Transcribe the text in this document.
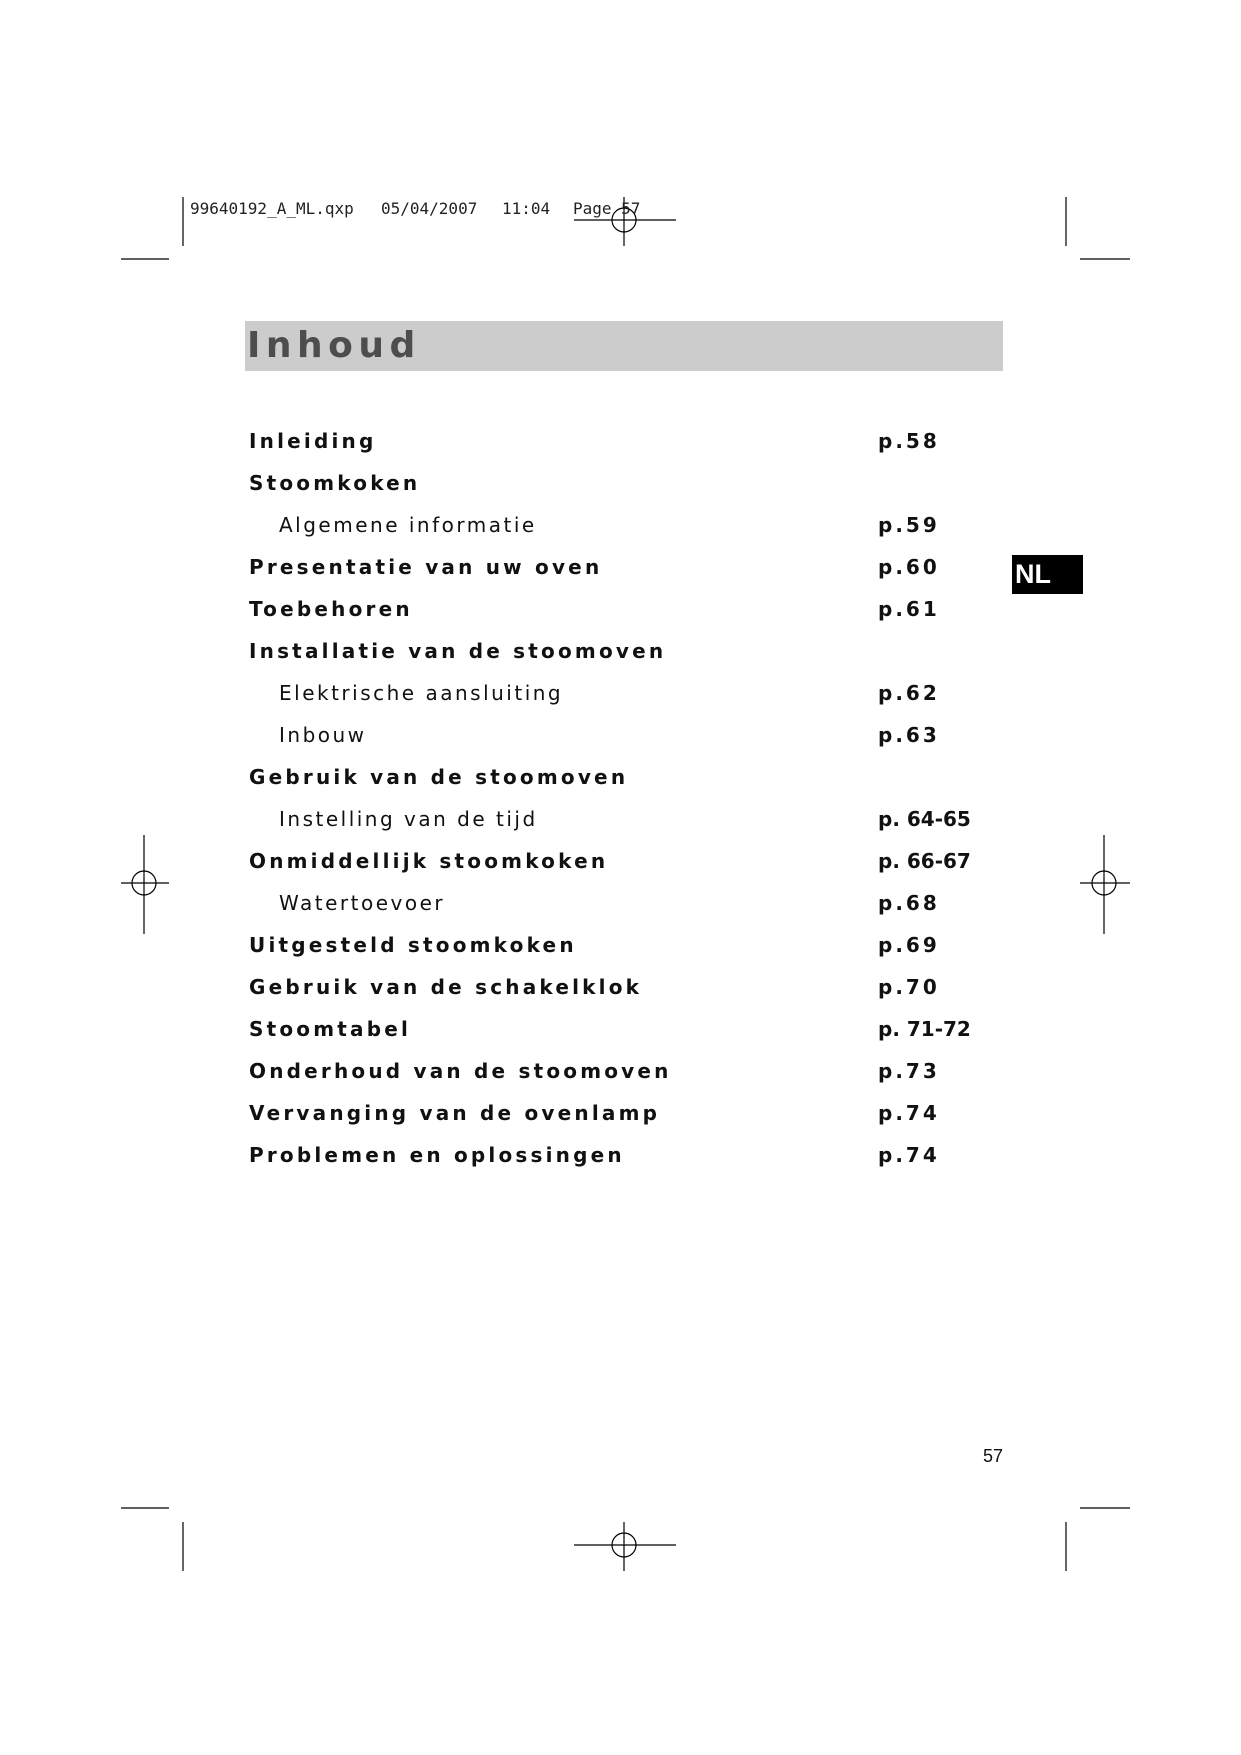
99640192_A_ML.qxp 05/04/2007 11:04 Page 57
Inhoud
Inleiding	p.58
Stoomkoken
Algemene informatie	p.59
Presentatie van uw oven	p.60
Toebehoren	p.61
Installatie van de stoomoven
Elektrische aansluiting	p.62
Inbouw	p.63
Gebruik van de stoomoven
Instelling van de tijd	p. 64-65
Onmiddellijk stoomkoken	p. 66-67
Watertoevoer	p.68
Uitgesteld stoomkoken	p.69
Gebruik van de schakelklok	p.70
Stoomtabel	p. 71-72
Onderhoud van de stoomoven	p.73
Vervanging van de ovenlamp	p.74
Problemen en oplossingen	p.74
NL
57
